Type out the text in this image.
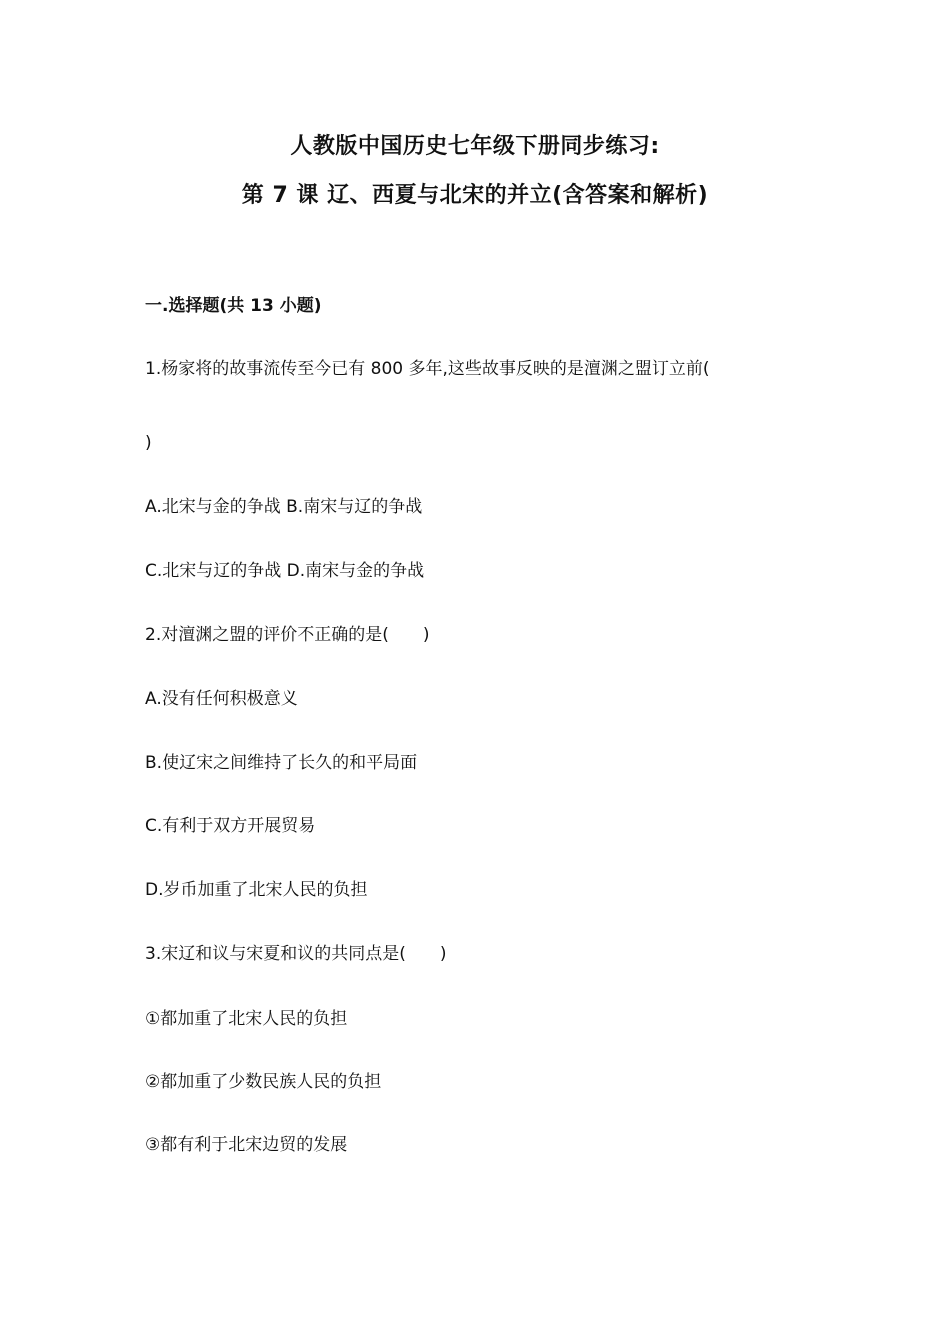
人教版中国历史七年级下册同步练习:
第 7 课 辽、西夏与北宋的并立(含答案和解析)
一.选择题(共 13 小题)
1.杨家将的故事流传至今已有 800 多年,这些故事反映的是澶渊之盟订立前(
)
A.北宋与金的争战 B.南宋与辽的争战
C.北宋与辽的争战 D.南宋与金的争战
2.对澶渊之盟的评价不正确的是(　　)
A.没有任何积极意义
B.使辽宋之间维持了长久的和平局面
C.有利于双方开展贸易
D.岁币加重了北宋人民的负担
3.宋辽和议与宋夏和议的共同点是(　　)
①都加重了北宋人民的负担
②都加重了少数民族人民的负担
③都有利于北宋边贸的发展
